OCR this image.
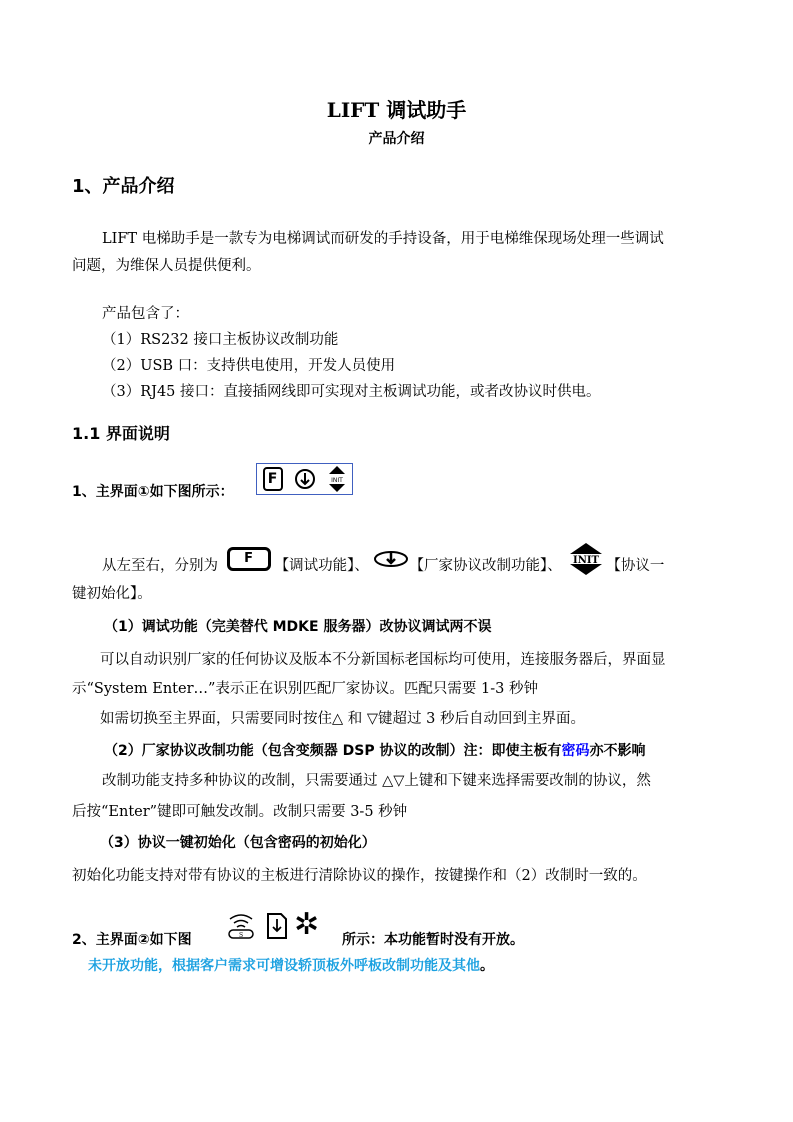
LIFT 调试助手
产品介绍
1、产品介绍
LIFT 电梯助手是一款专为电梯调试而研发的手持设备，用于电梯维保现场处理一些调试
问题，为维保人员提供便利。
产品包含了：
（1）RS232 接口主板协议改制功能
（2）USB 口：支持供电使用，开发人员使用
（3）RJ45 接口：直接插网线即可实现对主板调试功能，或者改协议时供电。
1.1 界面说明
1、主界面①如下图所示：
F	INIT
从左至右，分别为 F 【调试功能】、	【厂家协议改制功能】、 INIT 【协议一
键初始化】。
（1）调试功能（完美替代 MDKE 服务器）改协议调试两不误
可以自动识别厂家的任何协议及版本不分新国标老国标均可使用，连接服务器后，界面显
示“System Enter…”表示正在识别匹配厂家协议。匹配只需要 1-3 秒钟
如需切换至主界面，只需要同时按住△ 和 ▽键超过 3 秒后自动回到主界面。
（2）厂家协议改制功能（包含变频器 DSP 协议的改制）注：即使主板有密码亦不影响
改制功能支持多种协议的改制，只需要通过 △▽上键和下键来选择需要改制的协议，然
后按“Enter”键即可触发改制。改制只需要 3-5 秒钟
（3）协议一键初始化（包含密码的初始化）
初始化功能支持对带有协议的主板进行清除协议的操作，按键操作和（2）改制时一致的。
2、主界面②如下图	S ✲ 所示：本功能暂时没有开放。
未开放功能，根据客户需求可增设轿顶板外呼板改制功能及其他。
